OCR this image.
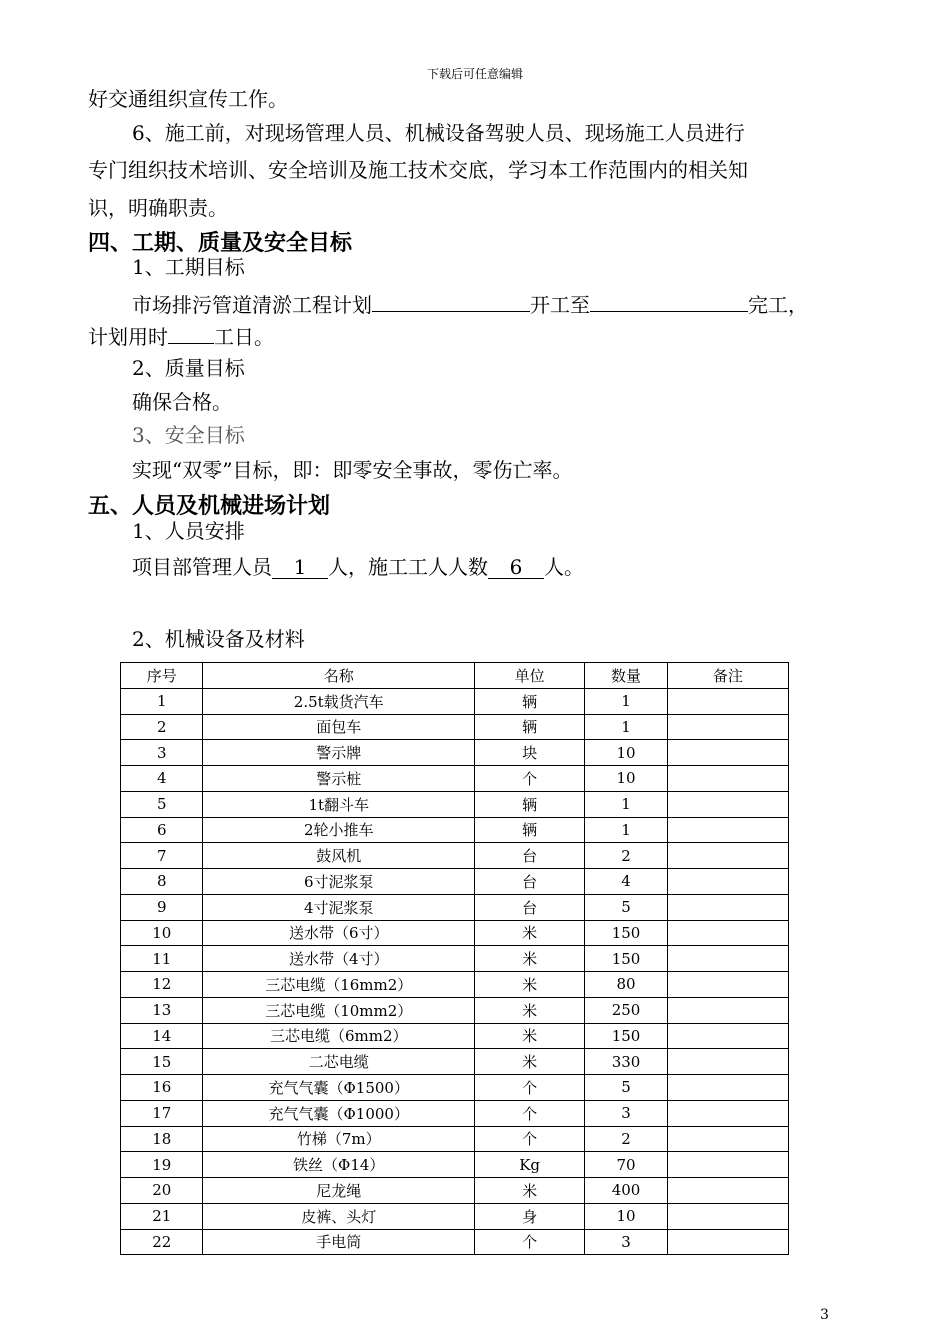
下载后可任意编辑
好交通组织宣传工作。
6、施工前，对现场管理人员、机械设备驾驶人员、现场施工人员进行
专门组织技术培训、安全培训及施工技术交底，学习本工作范围内的相关知
识，明确职责。
四、工期、质量及安全目标
1、工期目标
市场排污管道清淤工程计划	开工至	完工，
计划用时 工日。
2、质量目标
确保合格。
3、安全目标
实现“双零”目标，即：即零安全事故，零伤亡率。
五、人员及机械进场计划
1、人员安排
项目部管理人员 1 人，施工工人人数 6 人。
2、机械设备及材料
序号	名称	单位	数量	备注
1	2.5t载货汽车	辆	1	
2	面包车	辆	1	
3	警示牌	块	10	
4	警示桩	个	10	
5	1t翻斗车	辆	1	
6	2轮小推车	辆	1	
7	鼓风机	台	2	
8	6寸泥浆泵	台	4	
9	4寸泥浆泵	台	5	
10	送水带（6寸）	米	150	
11	送水带（4寸）	米	150	
12	三芯电缆（16mm2）	米	80	
13	三芯电缆（10mm2）	米	250	
14	三芯电缆（6mm2）	米	150	
15	二芯电缆	米	330	
16	充气气囊（Φ1500）	个	5	
17	充气气囊（Φ1000）	个	3	
18	竹梯（7m）	个	2	
19	铁丝（Φ14）	Kg	70	
20	尼龙绳	米	400	
21	皮裤、头灯	身	10	
22	手电筒	个	3	
3
